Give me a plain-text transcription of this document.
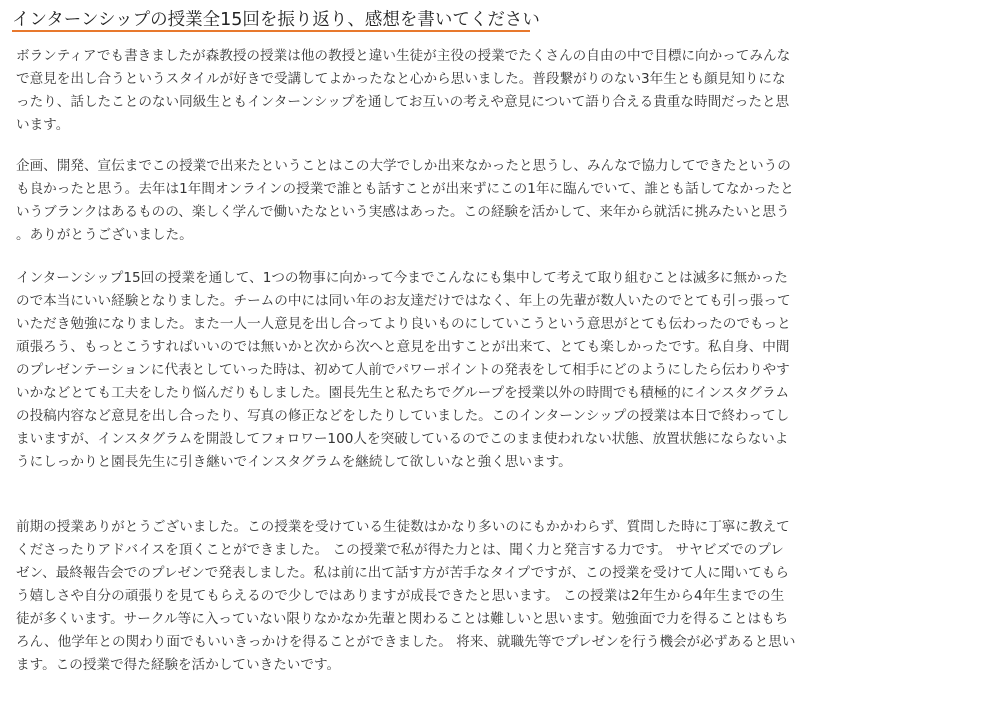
インターンシップの授業全15回を振り返り、感想を書いてください

ボランティアでも書きましたが森教授の授業は他の教授と違い生徒が主役の授業でたくさんの自由の中で目標に向かってみんなで意見を出し合うというスタイルが好きで受講してよかったなと心から思いました。普段繋がりのない3年生とも顔見知りになったり、話したことのない同級生ともインターンシップを通してお互いの考えや意見について語り合える貴重な時間だったと思います。

企画、開発、宣伝までこの授業で出来たということはこの大学でしか出来なかったと思うし、みんなで協力してできたというのも良かったと思う。去年は1年間オンラインの授業で誰とも話すことが出来ずにこの1年に臨んでいて、誰とも話してなかったというブランクはあるものの、楽しく学んで働いたなという実感はあった。この経験を活かして、来年から就活に挑みたいと思う。ありがとうございました。

インターンシップ15回の授業を通して、1つの物事に向かって今までこんなにも集中して考えて取り組むことは滅多に無かったので本当にいい経験となりました。チームの中には同い年のお友達だけではなく、年上の先輩が数人いたのでとても引っ張っていただき勉強になりました。また一人一人意見を出し合ってより良いものにしていこうという意思がとても伝わったのでもっと頑張ろう、もっとこうすればいいのでは無いかと次から次へと意見を出すことが出来て、とても楽しかったです。私自身、中間のプレゼンテーションに代表としていった時は、初めて人前でパワーポイントの発表をして相手にどのようにしたら伝わりやすいかなどとても工夫をしたり悩んだりもしました。園長先生と私たちでグループを授業以外の時間でも積極的にインスタグラムの投稿内容など意見を出し合ったり、写真の修正などをしたりしていました。このインターンシップの授業は本日で終わってしまいますが、インスタグラムを開設してフォロワー100人を突破しているのでこのまま使われない状態、放置状態にならないようにしっかりと園長先生に引き継いでインスタグラムを継続して欲しいなと強く思います。

前期の授業ありがとうございました。この授業を受けている生徒数はかなり多いのにもかかわらず、質問した時に丁寧に教えてくださったりアドバイスを頂くことができました。 この授業で私が得た力とは、聞く力と発言する力です。 サヤビズでのプレゼン、最終報告会でのプレゼンで発表しました。私は前に出て話す方が苦手なタイプですが、この授業を受けて人に聞いてもらう嬉しさや自分の頑張りを見てもらえるので少しではありますが成長できたと思います。 この授業は2年生から4年生までの生徒が多くいます。サークル等に入っていない限りなかなか先輩と関わることは難しいと思います。勉強面で力を得ることはもちろん、他学年との関わり面でもいいきっかけを得ることができました。 将来、就職先等でプレゼンを行う機会が必ずあると思います。この授業で得た経験を活かしていきたいです。
